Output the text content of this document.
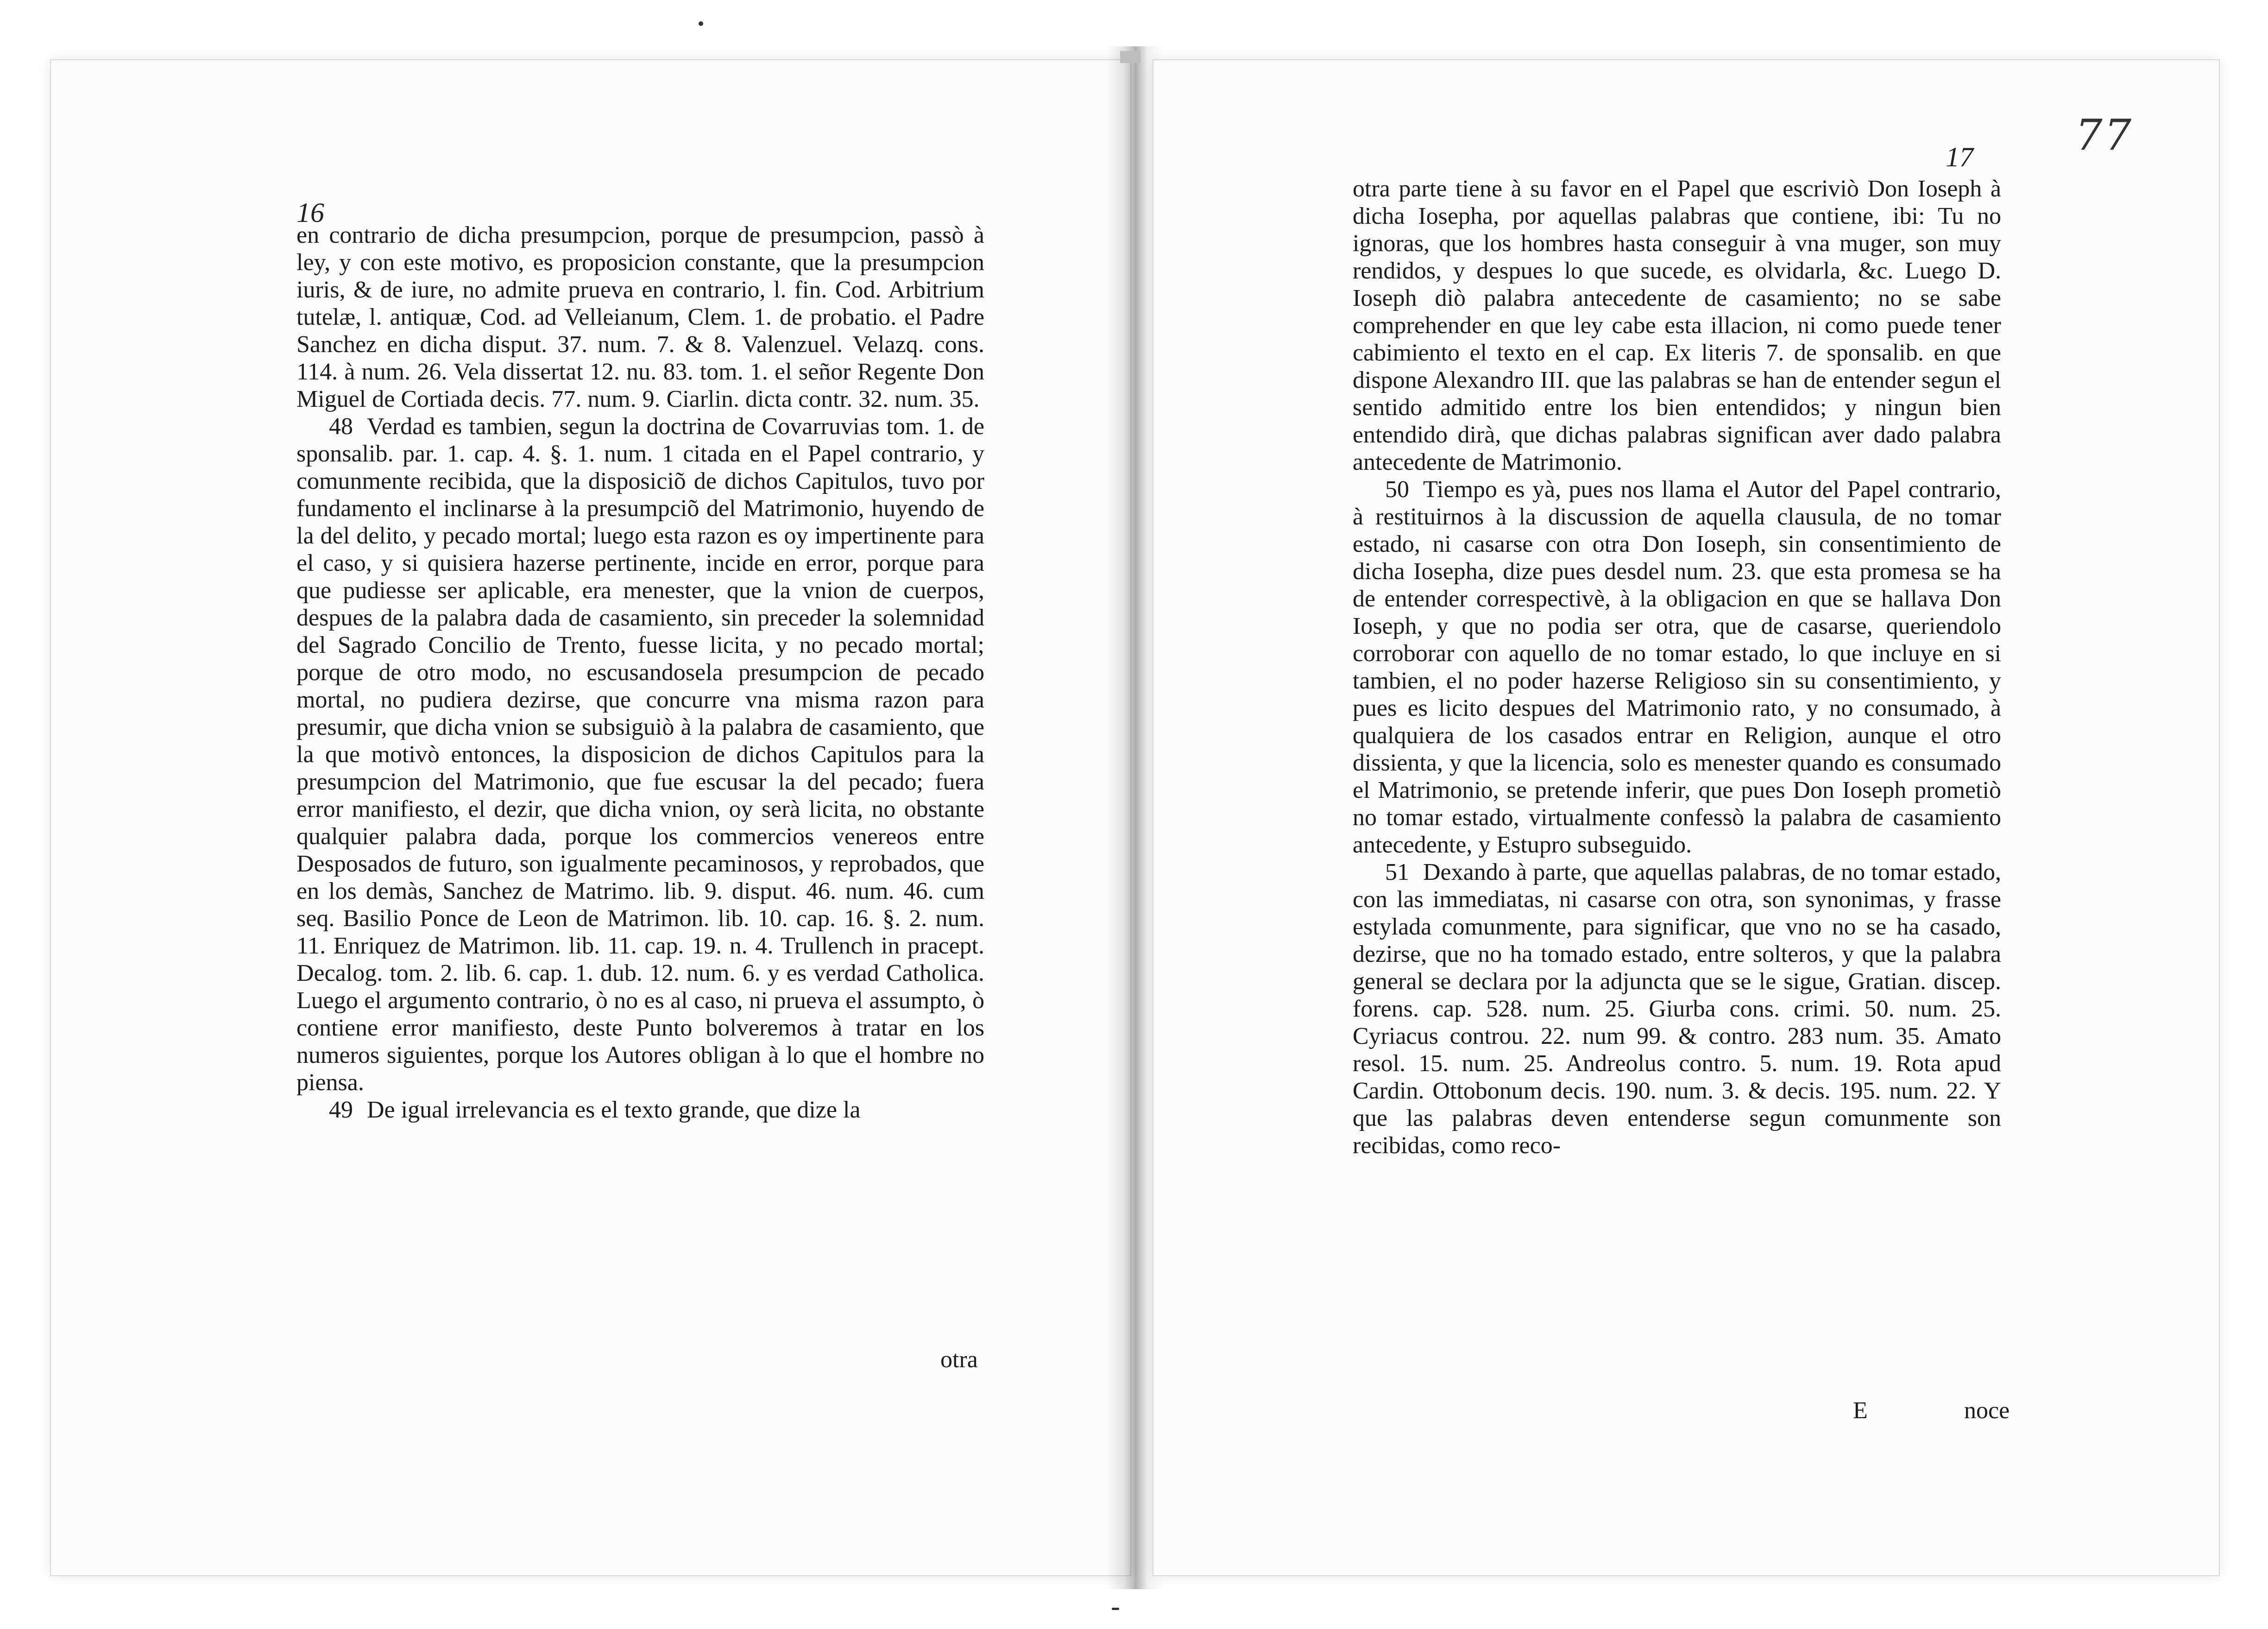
16

en contrario de dicha presumpcion, porque de presumpcion, passò à ley, y con este motivo, es proposicion constante, que la presumpcion iuris, & de iure, no admite prueva en contrario, l. fin. Cod. Arbitrium tutelæ, l. antiquæ, Cod. ad Velleianum, Clem. 1. de probatio. el Padre Sanchez en dicha disput. 37. num. 7. & 8. Valenzuel. Velazq. cons. 114. à num. 26. Vela dissertat 12. nu. 83. tom. 1. el señor Regente Don Miguel de Cortiada decis. 77. num. 9. Ciarlin. dicta contr. 32. num. 35.

48 Verdad es tambien, segun la doctrina de Covarruvias tom. 1. de sponsalib. par. 1. cap. 4. §. 1. num. 1 citada en el Papel contrario, y comunmente recibida, que la disposiciõ de dichos Capitulos, tuvo por fundamento el inclinarse à la presumpciõ del Matrimonio, huyendo de la del delito, y pecado mortal; luego esta razon es oy impertinente para el caso, y si quisiera hazerse pertinente, incide en error, porque para que pudiesse ser aplicable, era menester, que la vnion de cuerpos, despues de la palabra dada de casamiento, sin preceder la solemnidad del Sagrado Concilio de Trento, fuesse licita, y no pecado mortal; porque de otro modo, no escusandosela presumpcion de pecado mortal, no pudiera dezirse, que concurre vna misma razon para presumir, que dicha vnion se subsiguiò à la palabra de casamiento, que la que motivò entonces, la disposicion de dichos Capitulos para la presumpcion del Matrimonio, que fue escusar la del pecado; fuera error manifiesto, el dezir, que dicha vnion, oy serà licita, no obstante qualquier palabra dada, porque los commercios venereos entre Desposados de futuro, son igualmente pecaminosos, y reprobados, que en los demàs, Sanchez de Matrimo. lib. 9. disput. 46. num. 46. cum seq. Basilio Ponce de Leon de Matrimon. lib. 10. cap. 16. §. 2. num. 11. Enriquez de Matrimon. lib. 11. cap. 19. n. 4. Trullench in pracept. Decalog. tom. 2. lib. 6. cap. 1. dub. 12. num. 6. y es verdad Catholica. Luego el argumento contrario, ò no es al caso, ni prueva el assumpto, ò contiene error manifiesto, deste Punto bolveremos à tratar en los numeros siguientes, porque los Autores obligan à lo que el hombre no piensa.

49 De igual irrelevancia es el texto grande, que dize la

otra
17 77

otra parte tiene à su favor en el Papel que escriviò Don Ioseph à dicha Iosepha, por aquellas palabras que contiene, ibi: Tu no ignoras, que los hombres hasta conseguir à vna muger, son muy rendidos, y despues lo que sucede, es olvidarla, &c. Luego D. Ioseph diò palabra antecedente de casamiento; no se sabe comprehender en que ley cabe esta illacion, ni como puede tener cabimiento el texto en el cap. Ex literis 7. de sponsalib. en que dispone Alexandro III. que las palabras se han de entender segun el sentido admitido entre los bien entendidos; y ningun bien entendido dirà, que dichas palabras significan aver dado palabra antecedente de Matrimonio.

50 Tiempo es yà, pues nos llama el Autor del Papel contrario, à restituirnos à la discussion de aquella clausula, de no tomar estado, ni casarse con otra Don Ioseph, sin consentimiento de dicha Iosepha, dize pues desdel num. 23. que esta promesa se ha de entender correspectivè, à la obligacion en que se hallava Don Ioseph, y que no podia ser otra, que de casarse, queriendolo corroborar con aquello de no tomar estado, lo que incluye en si tambien, el no poder hazerse Religioso sin su consentimiento, y pues es licito despues del Matrimonio rato, y no consumado, à qualquiera de los casados entrar en Religion, aunque el otro dissienta, y que la licencia, solo es menester quando es consumado el Matrimonio, se pretende inferir, que pues Don Ioseph prometiò no tomar estado, virtualmente confessò la palabra de casamiento antecedente, y Estupro subseguido.

51 Dexando à parte, que aquellas palabras, de no tomar estado, con las immediatas, ni casarse con otra, son synonimas, y frasse estylada comunmente, para significar, que vno no se ha casado, dezirse, que no ha tomado estado, entre solteros, y que la palabra general se declara por la adjuncta que se le sigue, Gratian. discep. forens. cap. 528. num. 25. Giurba cons. crimi. 50. num. 25. Cyriacus controu. 22. num 99. & contro. 283 num. 35. Amato resol. 15. num. 25. Andreolus contro. 5. num. 19. Rota apud Cardin. Ottobonum decis. 190. num. 3. & decis. 195. num. 22. Y que las palabras deven entenderse segun comunmente son recibidas, como reco-

E	noce
